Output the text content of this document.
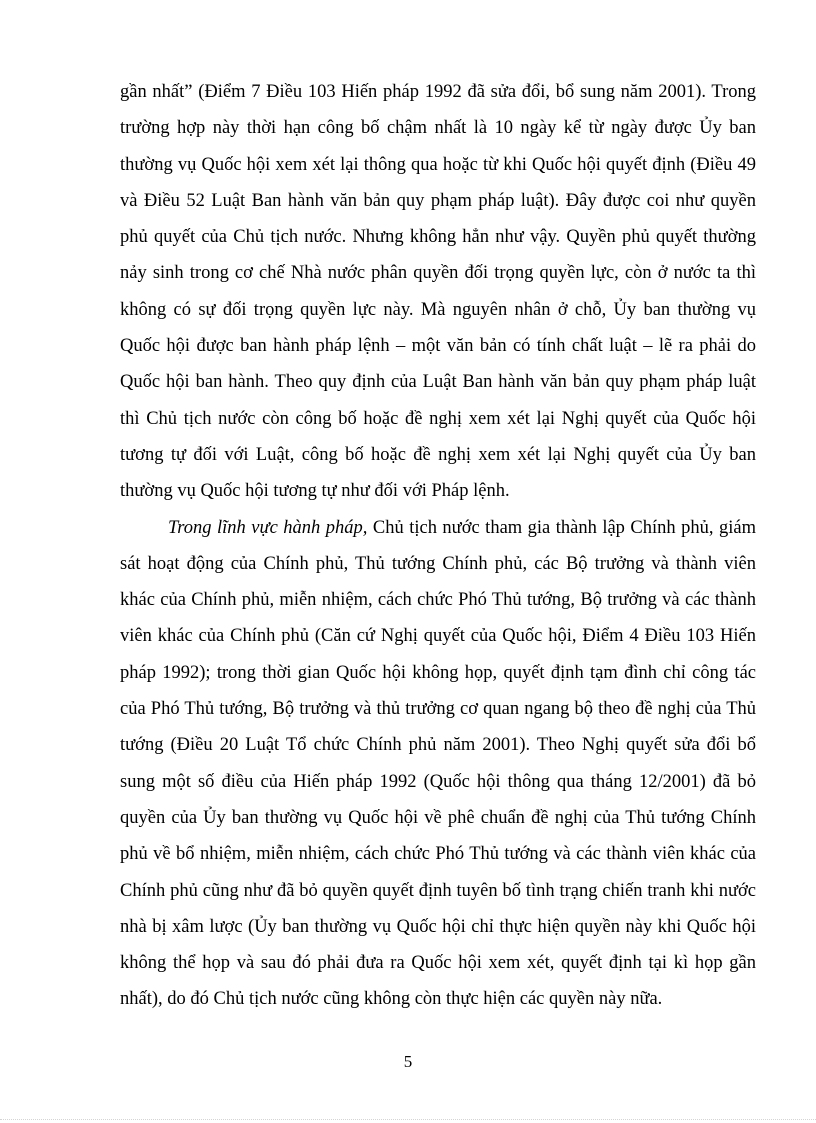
gần nhất” (Điểm 7 Điều 103 Hiến pháp 1992 đã sửa đổi, bổ sung năm 2001). Trong trường hợp này thời hạn công bố chậm nhất là 10 ngày kể từ ngày được Ủy ban thường vụ Quốc hội xem xét lại thông qua hoặc từ khi Quốc hội quyết định (Điều 49 và Điều 52 Luật Ban hành văn bản quy phạm pháp luật). Đây được coi như quyền phủ quyết của Chủ tịch nước. Nhưng không hẳn như vậy. Quyền phủ quyết thường nảy sinh trong cơ chế Nhà nước phân quyền đối trọng quyền lực, còn ở nước ta thì không có sự đối trọng quyền lực này. Mà nguyên nhân ở chỗ, Ủy ban thường vụ Quốc hội được ban hành pháp lệnh – một văn bản có tính chất luật – lẽ ra phải do Quốc hội ban hành. Theo quy định của Luật Ban hành văn bản quy phạm pháp luật thì Chủ tịch nước còn công bố hoặc đề nghị xem xét lại Nghị quyết của Quốc hội tương tự đối với Luật, công bố hoặc đề nghị xem xét lại Nghị quyết của Ủy ban thường vụ Quốc hội tương tự như đối với Pháp lệnh.

Trong lĩnh vực hành pháp, Chủ tịch nước tham gia thành lập Chính phủ, giám sát hoạt động của Chính phủ, Thủ tướng Chính phủ, các Bộ trưởng và thành viên khác của Chính phủ, miễn nhiệm, cách chức Phó Thủ tướng, Bộ trưởng và các thành viên khác của Chính phủ (Căn cứ Nghị quyết của Quốc hội, Điểm 4 Điều 103 Hiến pháp 1992); trong thời gian Quốc hội không họp, quyết định tạm đình chỉ công tác của Phó Thủ tướng, Bộ trưởng và thủ trưởng cơ quan ngang bộ theo đề nghị của Thủ tướng (Điều 20 Luật Tổ chức Chính phủ năm 2001). Theo Nghị quyết sửa đổi bổ sung một số điều của Hiến pháp 1992 (Quốc hội thông qua tháng 12/2001) đã bỏ quyền của Ủy ban thường vụ Quốc hội về phê chuẩn đề nghị của Thủ tướng Chính phủ về bổ nhiệm, miễn nhiệm, cách chức Phó Thủ tướng và các thành viên khác của Chính phủ cũng như đã bỏ quyền quyết định tuyên bố tình trạng chiến tranh khi nước nhà bị xâm lược (Ủy ban thường vụ Quốc hội chỉ thực hiện quyền này khi Quốc hội không thể họp và sau đó phải đưa ra Quốc hội xem xét, quyết định tại kì họp gần nhất), do đó Chủ tịch nước cũng không còn thực hiện các quyền này nữa.

5
